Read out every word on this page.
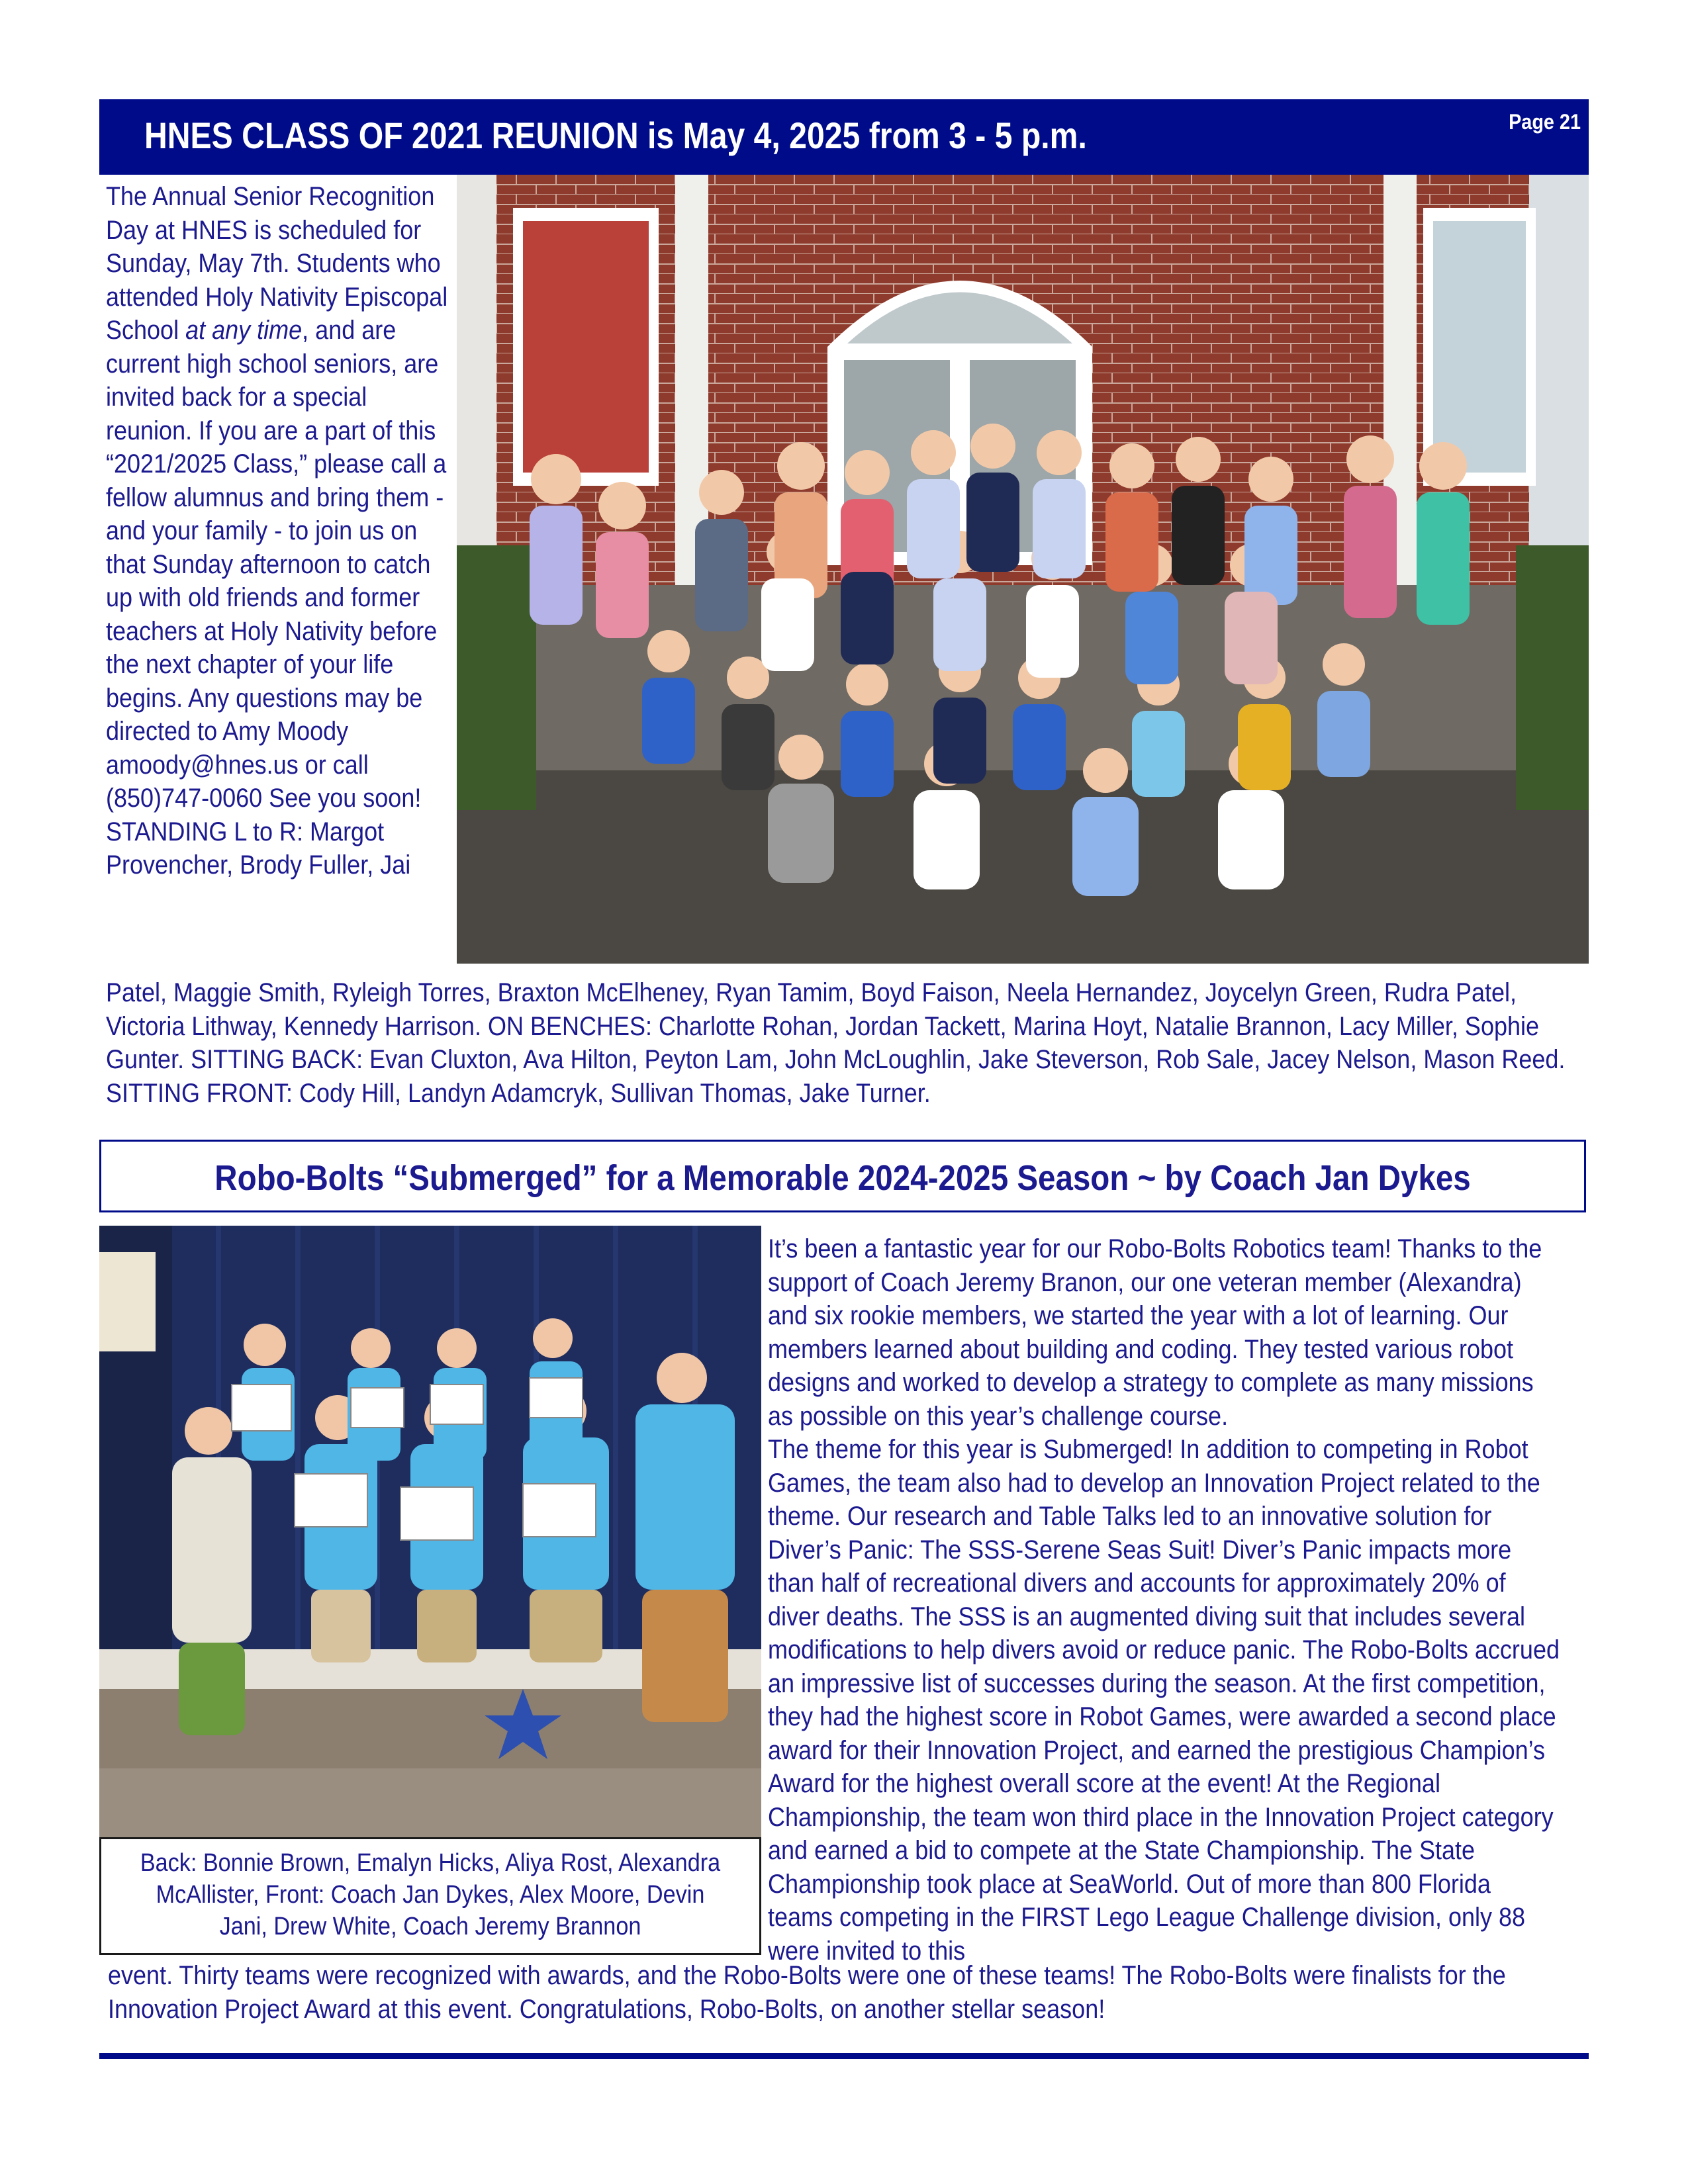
HNES CLASS OF 2021 REUNION is May 4, 2025 from 3 - 5 p.m.	Page 21
The Annual Senior Recognition Day at HNES is scheduled for Sunday, May 7th. Students who attended Holy Nativity Episcopal School at any time, and are current high school seniors, are invited back for a special reunion. If you are a part of this “2021/2025 Class,” please call a fellow alumnus and bring them - and your family - to join us on that Sunday afternoon to catch up with old friends and former teachers at Holy Nativity before the next chapter of your life begins. Any questions may be directed to Amy Moody amoody@hnes.us or call (850)747-0060 See you soon! STANDING L to R: Margot Provencher, Brody Fuller, Jai
Patel, Maggie Smith, Ryleigh Torres, Braxton McElheney, Ryan Tamim, Boyd Faison, Neela Hernandez, Joycelyn Green, Rudra Patel, Victoria Lithway, Kennedy Harrison. ON BENCHES: Charlotte Rohan, Jordan Tackett, Marina Hoyt, Natalie Brannon, Lacy Miller, Sophie Gunter. SITTING BACK: Evan Cluxton, Ava Hilton, Peyton Lam, John McLoughlin, Jake Steverson, Rob Sale, Jacey Nelson, Mason Reed. SITTING FRONT: Cody Hill, Landyn Adamcryk, Sullivan Thomas, Jake Turner.
Robo-Bolts “Submerged” for a Memorable 2024-2025 Season ~ by Coach Jan Dykes
Back: Bonnie Brown, Emalyn Hicks, Aliya Rost, Alexandra McAllister, Front: Coach Jan Dykes, Alex Moore, Devin Jani, Drew White, Coach Jeremy Brannon
It’s been a fantastic year for our Robo-Bolts Robotics team! Thanks to the support of Coach Jeremy Branon, our one veteran member (Alexandra) and six rookie members, we started the year with a lot of learning. Our members learned about building and coding. They tested various robot designs and worked to develop a strategy to complete as many missions as possible on this year’s challenge course.
The theme for this year is Submerged! In addition to competing in Robot Games, the team also had to develop an Innovation Project related to the theme. Our research and Table Talks led to an innovative solution for Diver’s Panic: The SSS-Serene Seas Suit! Diver’s Panic impacts more than half of recreational divers and accounts for approximately 20% of diver deaths. The SSS is an augmented diving suit that includes several modifications to help divers avoid or reduce panic. The Robo-Bolts accrued an impressive list of successes during the season. At the first competition, they had the highest score in Robot Games, were awarded a second place award for their Innovation Project, and earned the prestigious Champion’s Award for the highest overall score at the event! At the Regional Championship, the team won third place in the Innovation Project category and earned a bid to compete at the State Championship. The State Championship took place at SeaWorld. Out of more than 800 Florida teams competing in the FIRST Lego League Challenge division, only 88 were invited to this
event. Thirty teams were recognized with awards, and the Robo-Bolts were one of these teams! The Robo-Bolts were finalists for the Innovation Project Award at this event. Congratulations, Robo-Bolts, on another stellar season!
